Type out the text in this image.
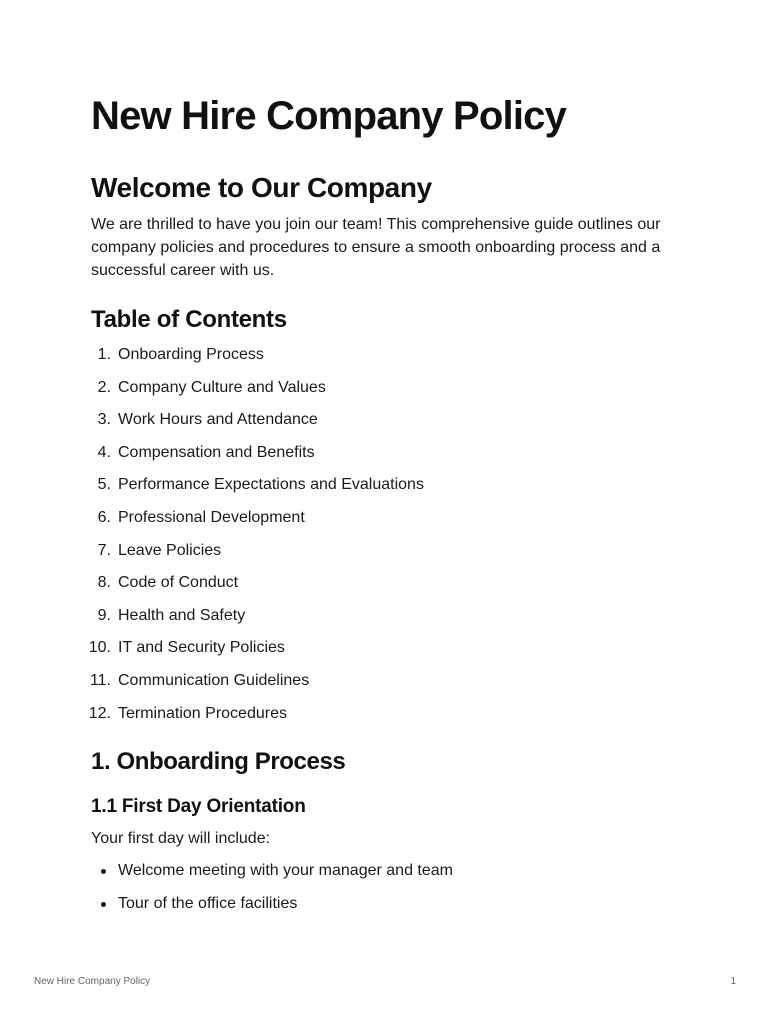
New Hire Company Policy
Welcome to Our Company

We are thrilled to have you join our team! This comprehensive guide outlines our company policies and procedures to ensure a smooth onboarding process and a successful career with us.

Table of Contents
1. Onboarding Process
2. Company Culture and Values
3. Work Hours and Attendance
4. Compensation and Benefits
5. Performance Expectations and Evaluations
6. Professional Development
7. Leave Policies
8. Code of Conduct
9. Health and Safety
10. IT and Security Policies
11. Communication Guidelines
12. Termination Procedures
1. Onboarding Process
1.1 First Day Orientation

Your first day will include:

Welcome meeting with your manager and team
Tour of the office facilities
New Hire Company Policy	1
